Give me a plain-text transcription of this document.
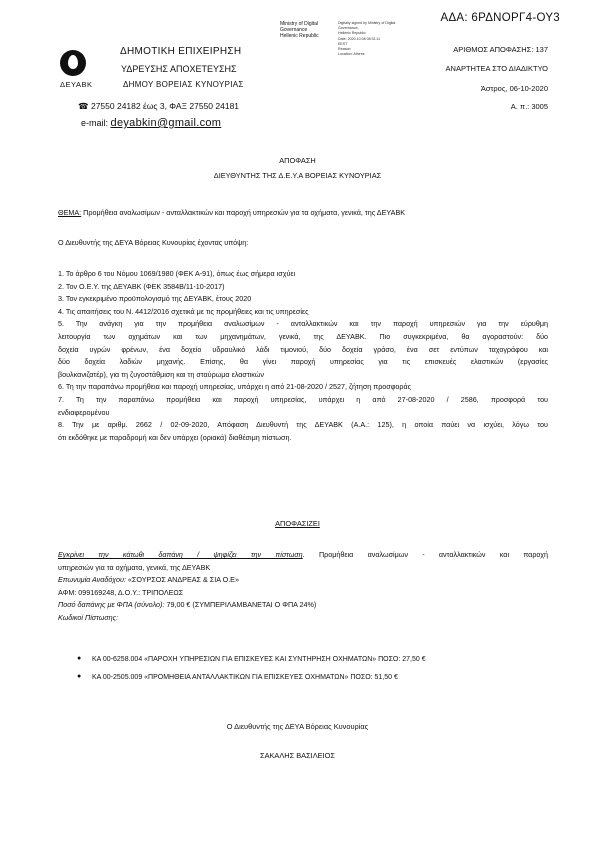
ΑΔΑ: 6ΡΔΝΟΡΓ4-ΟΥ3
Ministry of Digital
Governance
Hellenic Republic
Digitally signed by Ministry of Digital Governance,
Hellenic Republic
Date: 2020.10.08 08:31:11
EEST
Reason:
Location: Athens
ΔΕΥΑΒΚ
ΔΗΜΟΤΙΚΗ ΕΠΙΧΕΙΡΗΣΗ
ΥΔΡΕΥΣΗΣ ΑΠΟΧΕΤΕΥΣΗΣ
ΔΗΜΟΥ ΒΟΡΕΙΑΣ ΚΥΝΟΥΡΙΑΣ
☎ 27550 24182 έως 3, ΦΑΞ 27550 24181
e-mail: deyabkin@gmail.com
ΑΡΙΘΜΟΣ ΑΠΟΦΑΣΗΣ: 137
ΑΝΑΡΤΗΤΕΑ ΣΤΟ ΔΙΑΔΙΚΤΥΟ
Άστρος, 06-10-2020
Α. π.: 3005
ΑΠΟΦΑΣΗ
ΔΙΕΥΘΥΝΤΗΣ ΤΗΣ Δ.Ε.Υ.Α ΒΟΡΕΙΑΣ ΚΥΝΟΥΡΙΑΣ
ΘΕΜΑ: Προμήθεια αναλωσίμων - ανταλλακτικών και παροχή υπηρεσιών για τα οχήματα, γενικά, της ΔΕΥΑΒΚ
Ο Διευθυντής της ΔΕΥΑ Βόρειας Κυνουρίας έχοντας υπόψη:
1. Το άρθρο 6 του Νόμου 1069/1980 (ΦΕΚ Α-91), όπως έως σήμερα ισχύει
2. Τον Ο.Ε.Υ. της ΔΕΥΑΒΚ (ΦΕΚ 3584Β/11-10-2017)
3. Τον εγκεκριμένο προϋπολογισμό της ΔΕΥΑΒΚ, έτους 2020
4. Τις απαιτήσεις του Ν. 4412/2016 σχετικά με τις προμήθειες και τις υπηρεσίες
5. Την ανάγκη για την προμήθεια αναλωσίμων - ανταλλακτικών και την παροχή υπηρεσιών για την εύρυθμη
λειτουργία των οχημάτων και των μηχανημάτων, γενικά, της ΔΕΥΑΒΚ. Πιο συγκεκριμένα, θα αγοραστούν: δύο
δοχεία υγρών φρένων, ένα δοχείο υδραυλικό λάδι τιμονιού, δύο δοχεία γράσο, ένα σετ εντύπων ταχογράφου και
δύο δοχεία λαδιών μηχανής. Επίσης, θα γίνει παροχή υπηρεσίας για τις επισκευές ελαστικών (εργασίες
βουλκανιζατέρ), για τη ζυγοστάθμιση και τη σταύρωμα ελαστικών
6. Τη την παραπάνω προμήθεια και παροχή υπηρεσίας, υπάρχει η από 21-08-2020 / 2527, ζήτηση προσφοράς
7. Τη την παραπάνω προμήθεια και παροχή υπηρεσίας, υπάρχει η από 27-08-2020 / 2586, προσφορά του
ενδιαφερομένου
8. Την με αριθμ. 2662 / 02-09-2020, Απόφαση Διευθυντή της ΔΕΥΑΒΚ (Α.Α.: 125), η οποία παύει να ισχύει, λόγω του
ότι εκδόθηκε με παραδρομή και δεν υπάρχει (οριακά) διαθέσιμη πίστωση.
ΑΠΟΦΑΣΙΖΕΙ
Εγκρίνει την κάτωθι δαπάνη / ψηφίζει την πίστωση. Προμήθεια αναλωσίμων - ανταλλακτικών και παροχή
υπηρεσιών για τα οχήματα, γενικά, της ΔΕΥΑΒΚ
Επωνυμία Αναδόχου: «ΣΟΥΡΣΟΣ ΑΝΔΡΕΑΣ & ΣΙΑ Ο.Ε»
ΑΦΜ: 099169248, Δ.Ο.Υ.: ΤΡΙΠΟΛΕΩΣ
Ποσό δαπάνης με ΦΠΑ (σύνολο): 79,00 € (ΣΥΜΠΕΡΙΛΑΜΒΑΝΕΤΑΙ Ο ΦΠΑ 24%)
Κωδικοί Πίστωσης:
● ΚΑ 00-6258.004 «ΠΑΡΟΧΗ ΥΠΗΡΕΣΙΩΝ ΓΙΑ ΕΠΙΣΚΕΥΕΣ ΚΑΙ ΣΥΝΤΗΡΗΣΗ ΟΧΗΜΑΤΩΝ» ΠΟΣΟ: 27,50 €
● ΚΑ 00-2505.009 «ΠΡΟΜΗΘΕΙΑ ΑΝΤΑΛΛΑΚΤΙΚΩΝ ΓΙΑ ΕΠΙΣΚΕΥΕΣ ΟΧΗΜΑΤΩΝ» ΠΟΣΟ: 51,50 €
Ο Διευθυντής της ΔΕΥΑ Βόρειας Κυνουρίας
ΣΑΚΑΛΗΣ ΒΑΣΙΛΕΙΟΣ
